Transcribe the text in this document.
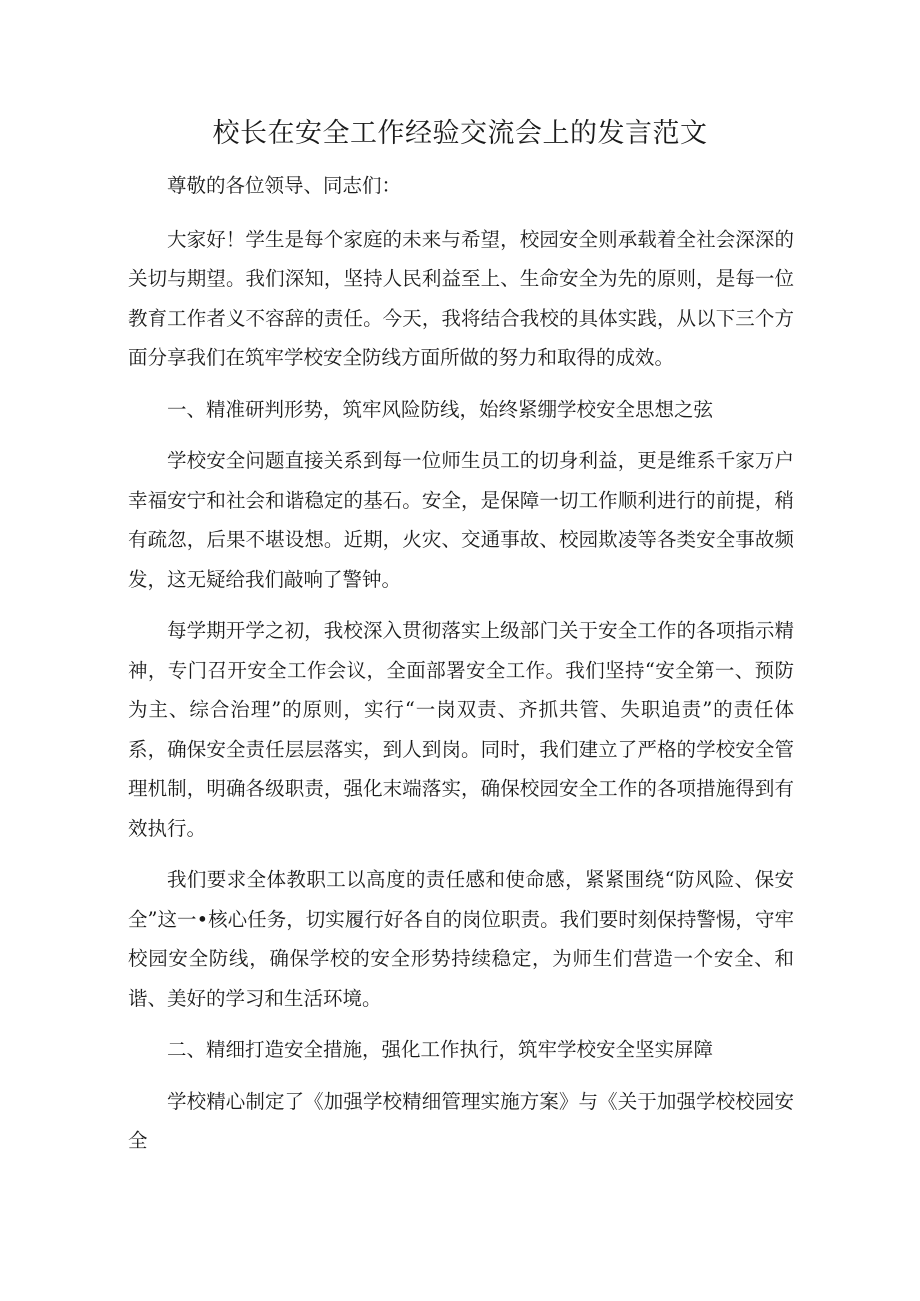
校长在安全工作经验交流会上的发言范文

尊敬的各位领导、同志们：

大家好！学生是每个家庭的未来与希望，校园安全则承载着全社会深深的关切与期望。我们深知，坚持人民利益至上、生命安全为先的原则，是每一位教育工作者义不容辞的责任。今天，我将结合我校的具体实践，从以下三个方面分享我们在筑牢学校安全防线方面所做的努力和取得的成效。

一、精准研判形势，筑牢风险防线，始终紧绷学校安全思想之弦

学校安全问题直接关系到每一位师生员工的切身利益，更是维系千家万户幸福安宁和社会和谐稳定的基石。安全，是保障一切工作顺利进行的前提，稍有疏忽，后果不堪设想。近期，火灾、交通事故、校园欺凌等各类安全事故频发，这无疑给我们敲响了警钟。

每学期开学之初，我校深入贯彻落实上级部门关于安全工作的各项指示精神，专门召开安全工作会议，全面部署安全工作。我们坚持“安全第一、预防为主、综合治理”的原则，实行“一岗双责、齐抓共管、失职追责”的责任体系，确保安全责任层层落实，到人到岗。同时，我们建立了严格的学校安全管理机制，明确各级职责，强化末端落实，确保校园安全工作的各项措施得到有效执行。

我们要求全体教职工以高度的责任感和使命感，紧紧围绕“防风险、保安全”这一•核心任务，切实履行好各自的岗位职责。我们要时刻保持警惕，守牢校园安全防线，确保学校的安全形势持续稳定，为师生们营造一个安全、和谐、美好的学习和生活环境。

二、精细打造安全措施，强化工作执行，筑牢学校安全坚实屏障

学校精心制定了《加强学校精细管理实施方案》与《关于加强学校校园安全
